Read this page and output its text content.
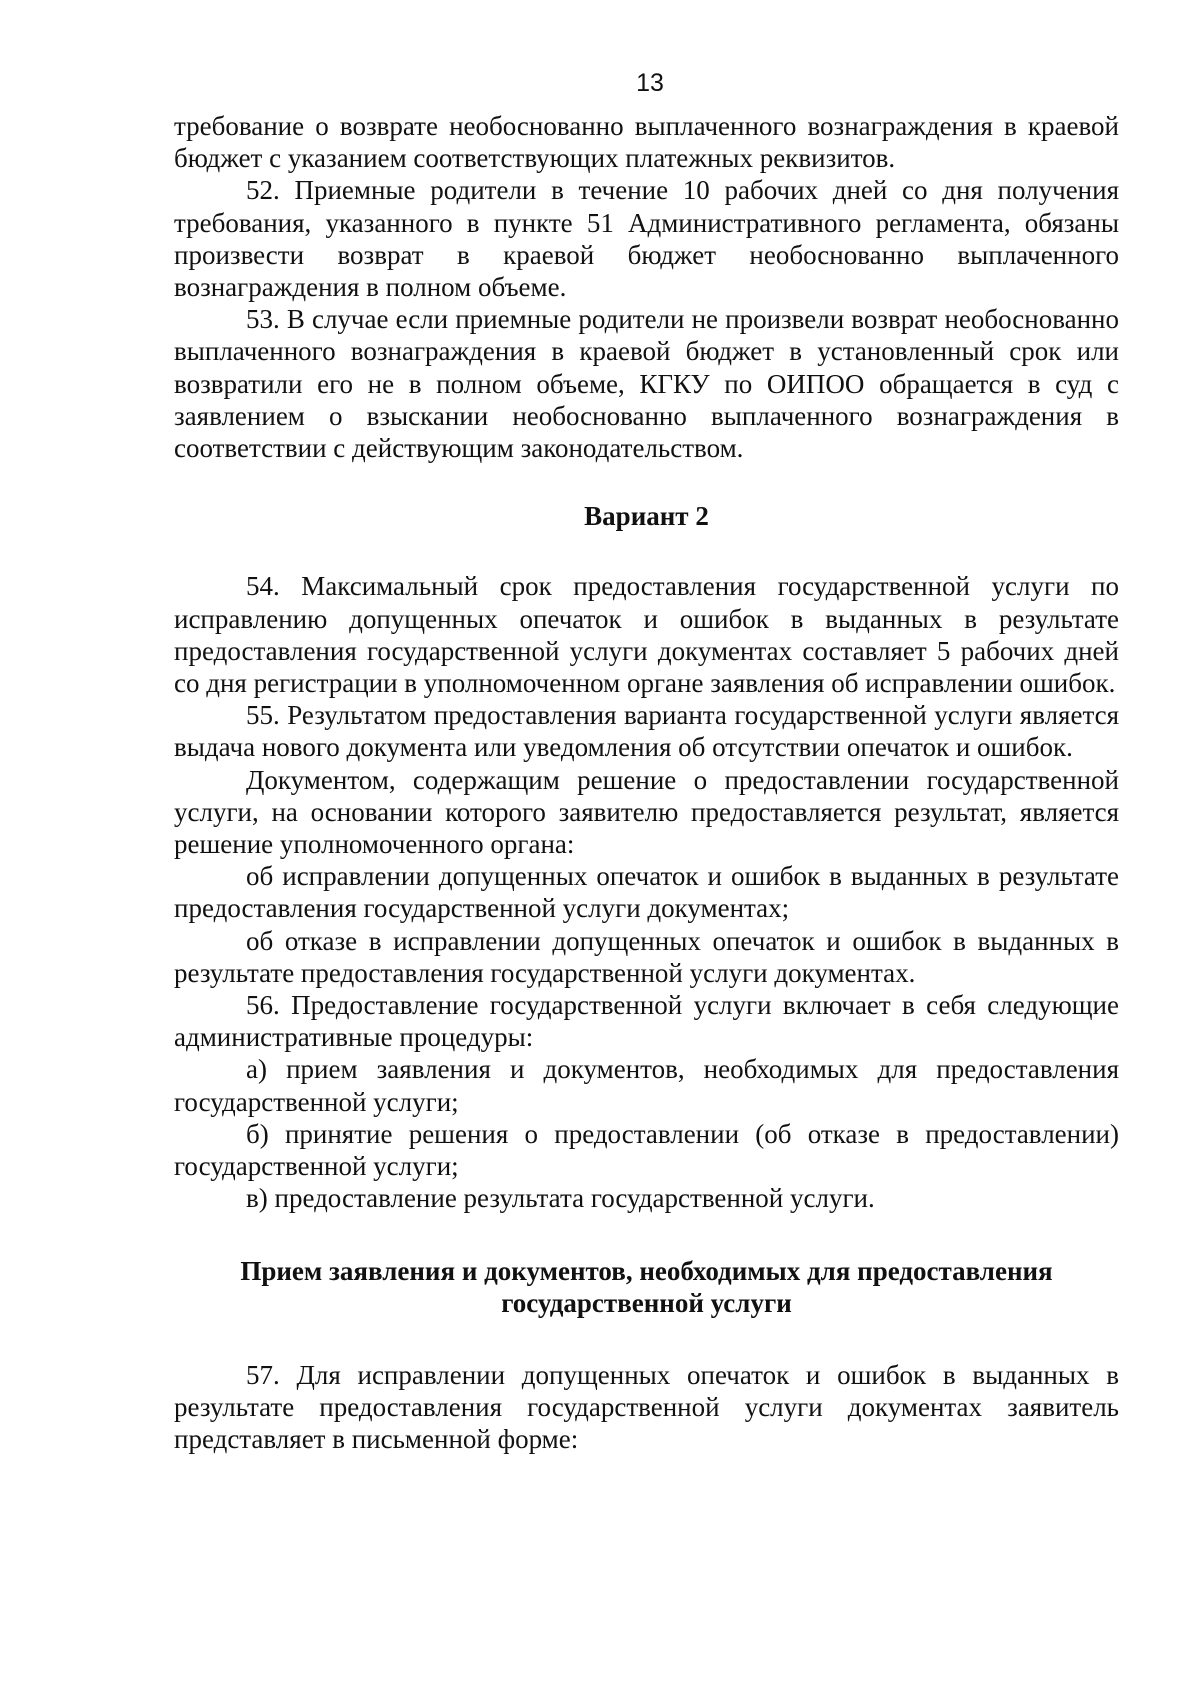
13

требование о возврате необоснованно выплаченного вознаграждения в краевой бюджет с указанием соответствующих платежных реквизитов.

52. Приемные родители в течение 10 рабочих дней со дня получения требования, указанного в пункте 51 Административного регламента, обязаны произвести возврат в краевой бюджет необоснованно выплаченного вознаграждения в полном объеме.

53. В случае если приемные родители не произвели возврат необоснованно выплаченного вознаграждения в краевой бюджет в установленный срок или возвратили его не в полном объеме, КГКУ по ОИПОО обращается в суд с заявлением о взыскании необоснованно выплаченного вознаграждения в соответствии с действующим законодательством.

Вариант 2

54. Максимальный срок предоставления государственной услуги по исправлению допущенных опечаток и ошибок в выданных в результате предоставления государственной услуги документах составляет 5 рабочих дней со дня регистрации в уполномоченном органе заявления об исправлении ошибок.

55. Результатом предоставления варианта государственной услуги является выдача нового документа или уведомления об отсутствии опечаток и ошибок.

Документом, содержащим решение о предоставлении государственной услуги, на основании которого заявителю предоставляется результат, является решение уполномоченного органа:

об исправлении допущенных опечаток и ошибок в выданных в результате предоставления государственной услуги документах;

об отказе в исправлении допущенных опечаток и ошибок в выданных в результате предоставления государственной услуги документах.

56. Предоставление государственной услуги включает в себя следующие административные процедуры:

а) прием заявления и документов, необходимых для предоставления государственной услуги;

б) принятие решения о предоставлении (об отказе в предоставлении) государственной услуги;

в) предоставление результата государственной услуги.

Прием заявления и документов, необходимых для предоставления государственной услуги

57. Для исправлении допущенных опечаток и ошибок в выданных в результате предоставления государственной услуги документах заявитель представляет в письменной форме:
